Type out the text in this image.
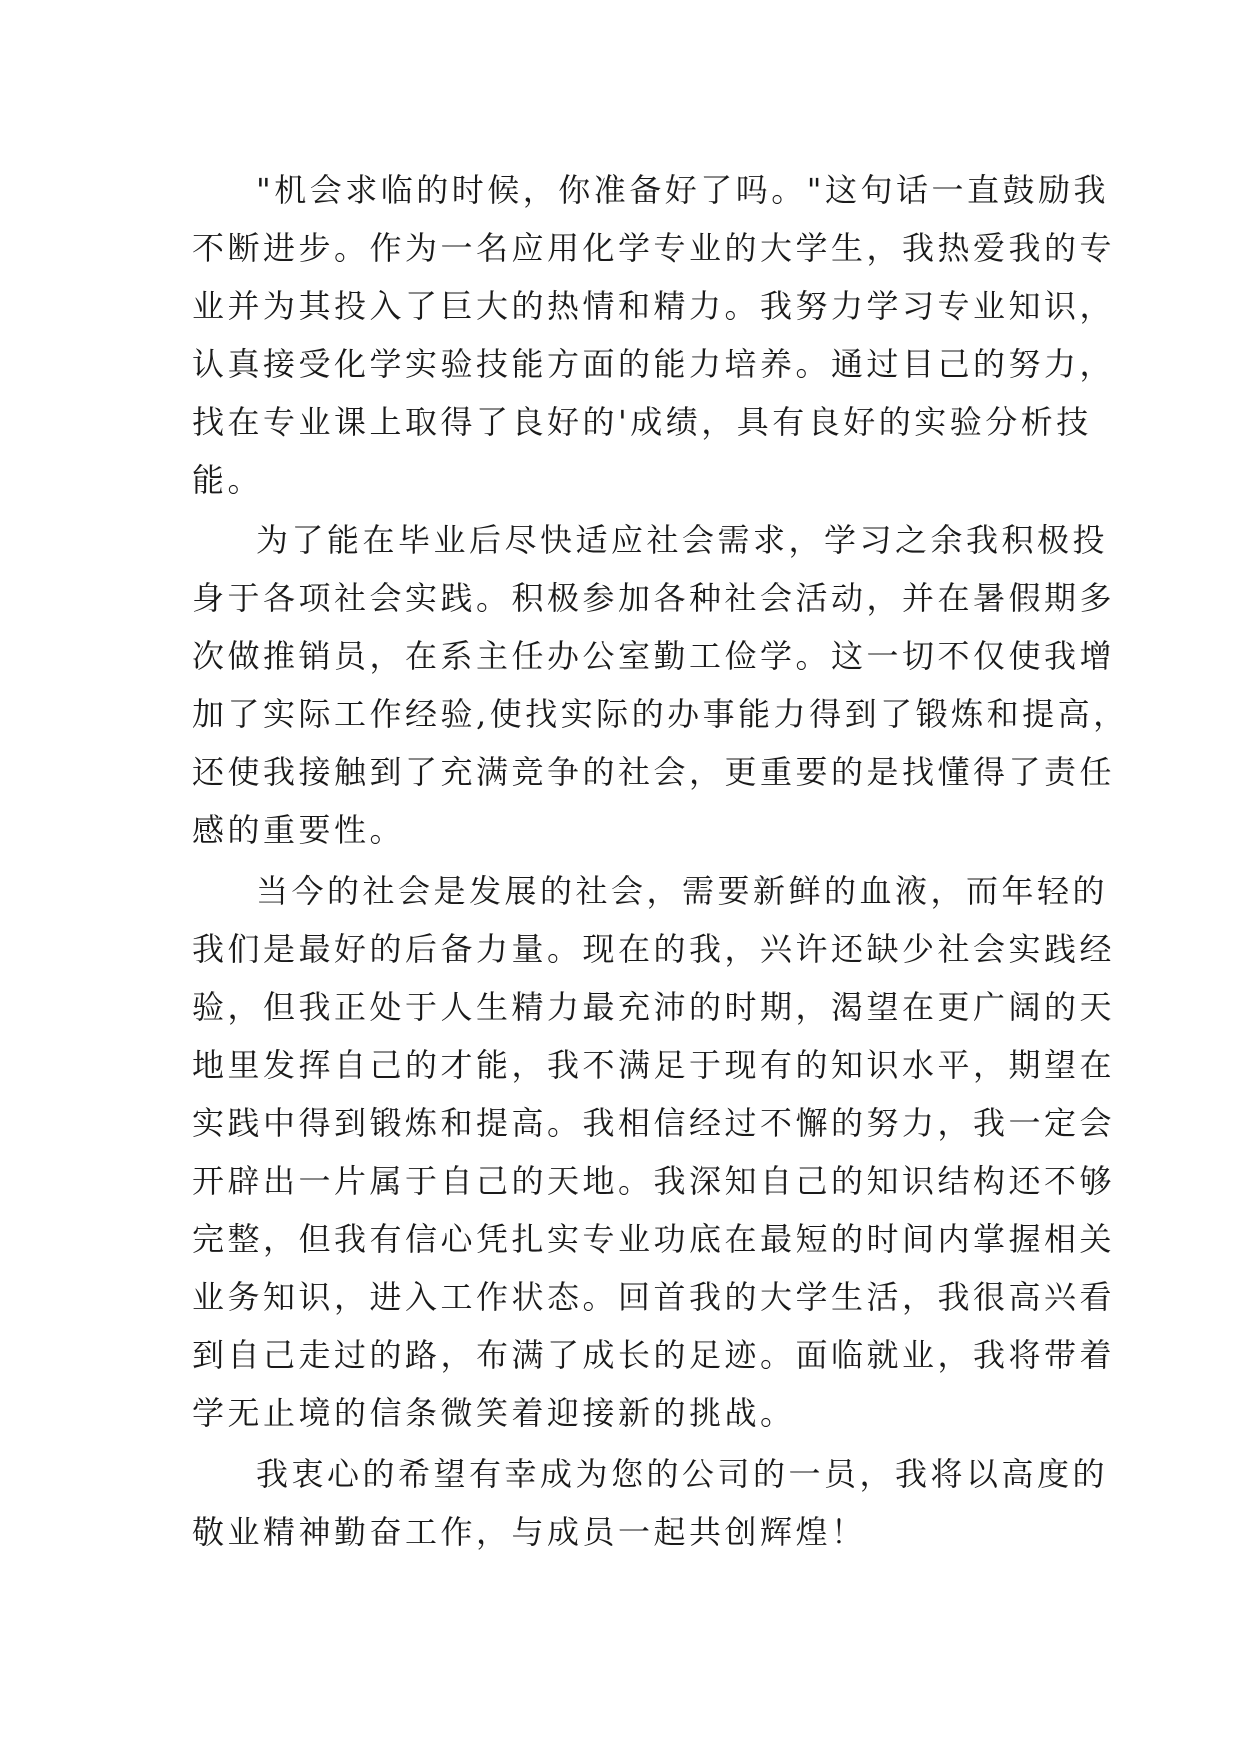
"机会求临的时候，你准备好了吗。"这句话一直鼓励我
不断进步。作为一名应用化学专业的大学生，我热爱我的专
业并为其投入了巨大的热情和精力。我努力学习专业知识，
认真接受化学实验技能方面的能力培养。通过目己的努力，
找在专业课上取得了良好的'成绩，具有良好的实验分析技
能。
为了能在毕业后尽快适应社会需求，学习之余我积极投
身于各项社会实践。积极参加各种社会活动，并在暑假期多
次做推销员，在系主任办公室勤工俭学。这一切不仅使我增
加了实际工作经验,使找实际的办事能力得到了锻炼和提高，
还使我接触到了充满竞争的社会，更重要的是找懂得了责任
感的重要性。
当今的社会是发展的社会，需要新鲜的血液，而年轻的
我们是最好的后备力量。现在的我，兴许还缺少社会实践经
验，但我正处于人生精力最充沛的时期，渴望在更广阔的天
地里发挥自己的才能，我不满足于现有的知识水平，期望在
实践中得到锻炼和提高。我相信经过不懈的努力，我一定会
开辟出一片属于自己的天地。我深知自己的知识结构还不够
完整，但我有信心凭扎实专业功底在最短的时间内掌握相关
业务知识，进入工作状态。回首我的大学生活，我很高兴看
到自己走过的路，布满了成长的足迹。面临就业，我将带着
学无止境的信条微笑着迎接新的挑战。
我衷心的希望有幸成为您的公司的一员，我将以高度的
敬业精神勤奋工作，与成员一起共创辉煌！
